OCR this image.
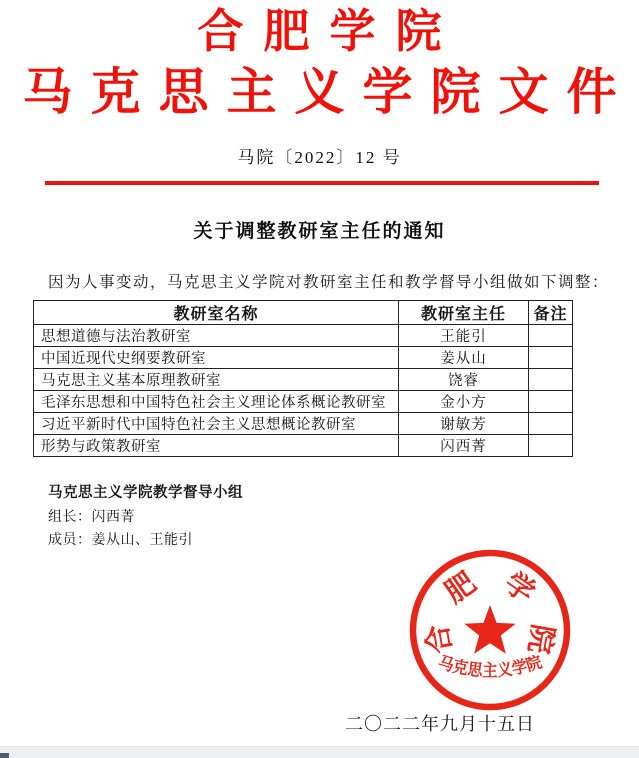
合肥学院
马克思主义学院文件
马院〔2022〕12 号
关于调整教研室主任的通知
因为人事变动，马克思主义学院对教研室主任和教学督导小组做如下调整：
教研室名称	教研室主任	备注
思想道德与法治教研室	王能引	
中国近现代史纲要教研室	姜从山	
马克思主义基本原理教研室	饶睿	
毛泽东思想和中国特色社会主义理论体系概论教研室	金小方	
习近平新时代中国特色社会主义思想概论教研室	谢敏芳	
形势与政策教研室	闪西菁	
马克思主义学院教学督导小组
组长：闪西菁
成员：姜从山、王能引
合
肥 学
院
马克思主义学院
二〇二二年九月十五日
